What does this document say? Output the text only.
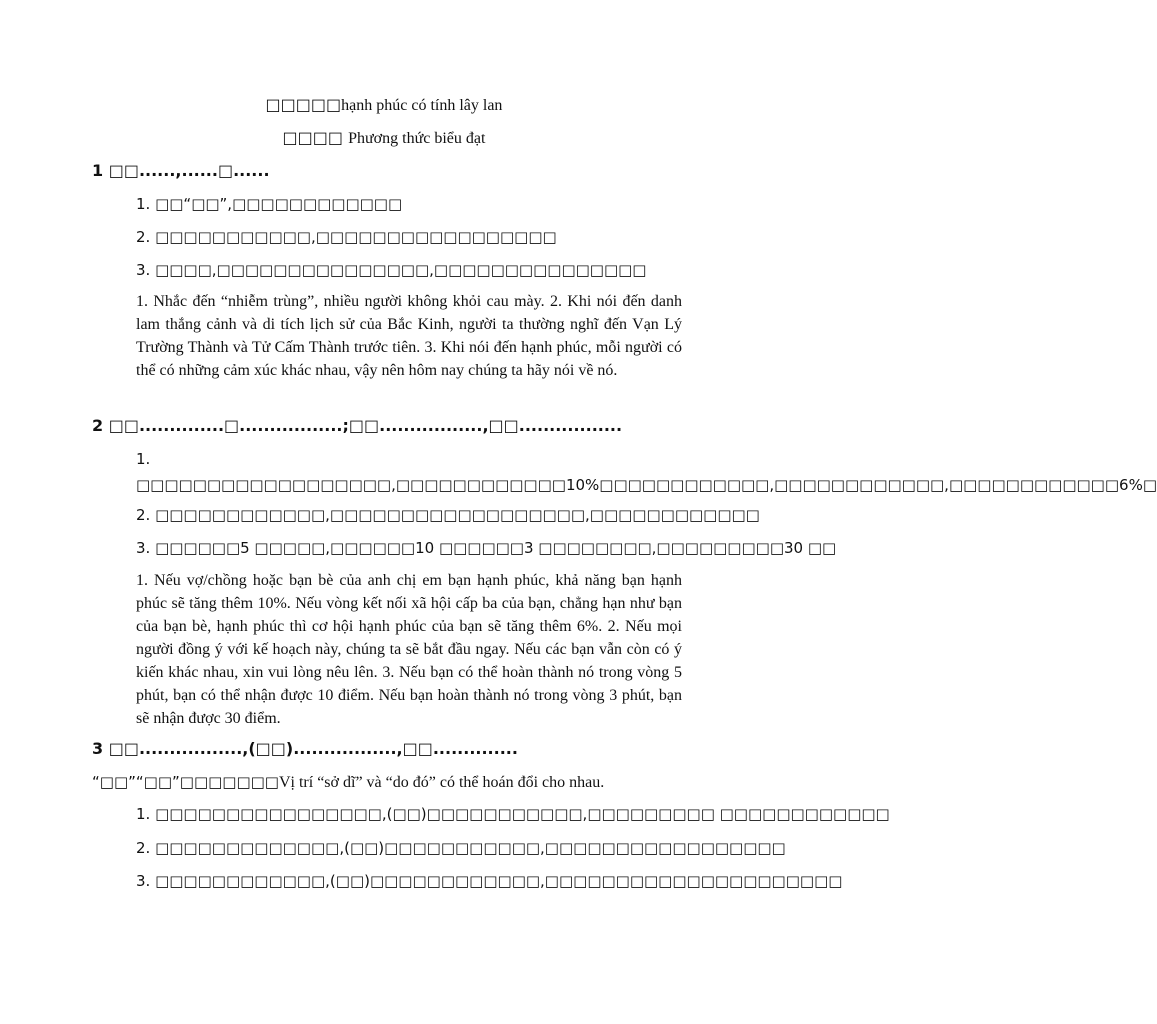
□□□□□hạnh phúc có tính lây lan
□□□□ Phương thức biểu đạt
1 □□......,......□......
1. □□“□□”,□□□□□□□□□□□□
2. □□□□□□□□□□□,□□□□□□□□□□□□□□□□□
3. □□□□,□□□□□□□□□□□□□□□,□□□□□□□□□□□□□□□
1. Nhắc đến “nhiễm trùng”, nhiều người không khỏi cau mày. 2. Khi nói đến danh lam thắng cảnh và di tích lịch sử của Bắc Kinh, người ta thường nghĩ đến Vạn Lý Trường Thành và Tử Cấm Thành trước tiên. 3. Khi nói đến hạnh phúc, mỗi người có thể có những cảm xúc khác nhau, vậy nên hôm nay chúng ta hãy nói về nó.
2 □□..............□.................;□□.................,□□.................
1. □□□□□□□□□□□□□□□□□□,□□□□□□□□□□□□10%□□□□□□□□□□□□,□□□□□□□□□□□□,□□□□□□□□□□□□6%□
2. □□□□□□□□□□□□,□□□□□□□□□□□□□□□□□□,□□□□□□□□□□□□
3. □□□□□□5 □□□□□,□□□□□□10 □□□□□□3 □□□□□□□□,□□□□□□□□□30 □□
1. Nếu vợ/chồng hoặc bạn bè của anh chị em bạn hạnh phúc, khả năng bạn hạnh phúc sẽ tăng thêm 10%. Nếu vòng kết nối xã hội cấp ba của bạn, chẳng hạn như bạn của bạn bè, hạnh phúc thì cơ hội hạnh phúc của bạn sẽ tăng thêm 6%. 2. Nếu mọi người đồng ý với kế hoạch này, chúng ta sẽ bắt đầu ngay. Nếu các bạn vẫn còn có ý kiến khác nhau, xin vui lòng nêu lên. 3. Nếu bạn có thể hoàn thành nó trong vòng 5 phút, bạn có thể nhận được 10 điểm. Nếu bạn hoàn thành nó trong vòng 3 phút, bạn sẽ nhận được 30 điểm.
3 □□.................,(□□).................,□□..............
“□□”“□□”□□□□□□□Vị trí “sở dĩ” và “do đó” có thể hoán đổi cho nhau.
1. □□□□□□□□□□□□□□□□,(□□)□□□□□□□□□□□,□□□□□□□□□ □□□□□□□□□□□□
2. □□□□□□□□□□□□□,(□□)□□□□□□□□□□□,□□□□□□□□□□□□□□□□□
3. □□□□□□□□□□□□,(□□)□□□□□□□□□□□□,□□□□□□□□□□□□□□□□□□□□□
